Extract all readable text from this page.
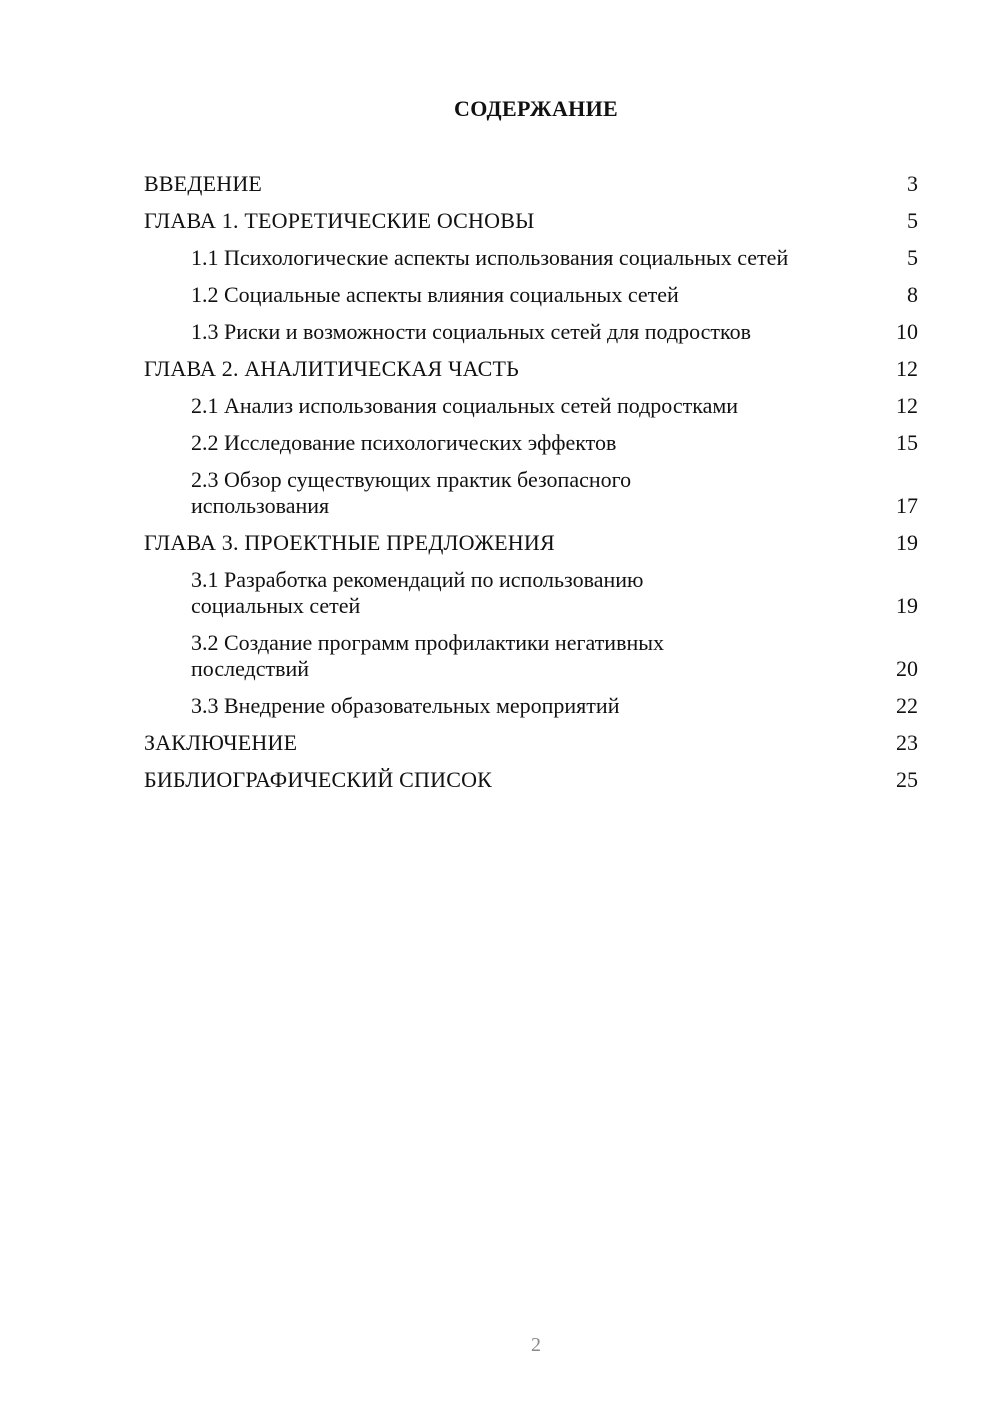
СОДЕРЖАНИЕ
ВВЕДЕНИЕ	3
ГЛАВА 1. ТЕОРЕТИЧЕСКИЕ ОСНОВЫ	5
1.1 Психологические аспекты использования социальных сетей	5
1.2 Социальные аспекты влияния социальных сетей	8
1.3 Риски и возможности социальных сетей для подростков	10
ГЛАВА 2. АНАЛИТИЧЕСКАЯ ЧАСТЬ	12
2.1 Анализ использования социальных сетей подростками	12
2.2 Исследование психологических эффектов	15
2.3 Обзор существующих практик безопасного использования	17
ГЛАВА 3. ПРОЕКТНЫЕ ПРЕДЛОЖЕНИЯ	19
3.1 Разработка рекомендаций по использованию социальных сетей	19
3.2 Создание программ профилактики негативных последствий	20
3.3 Внедрение образовательных мероприятий	22
ЗАКЛЮЧЕНИЕ	23
БИБЛИОГРАФИЧЕСКИЙ СПИСОК	25
2
